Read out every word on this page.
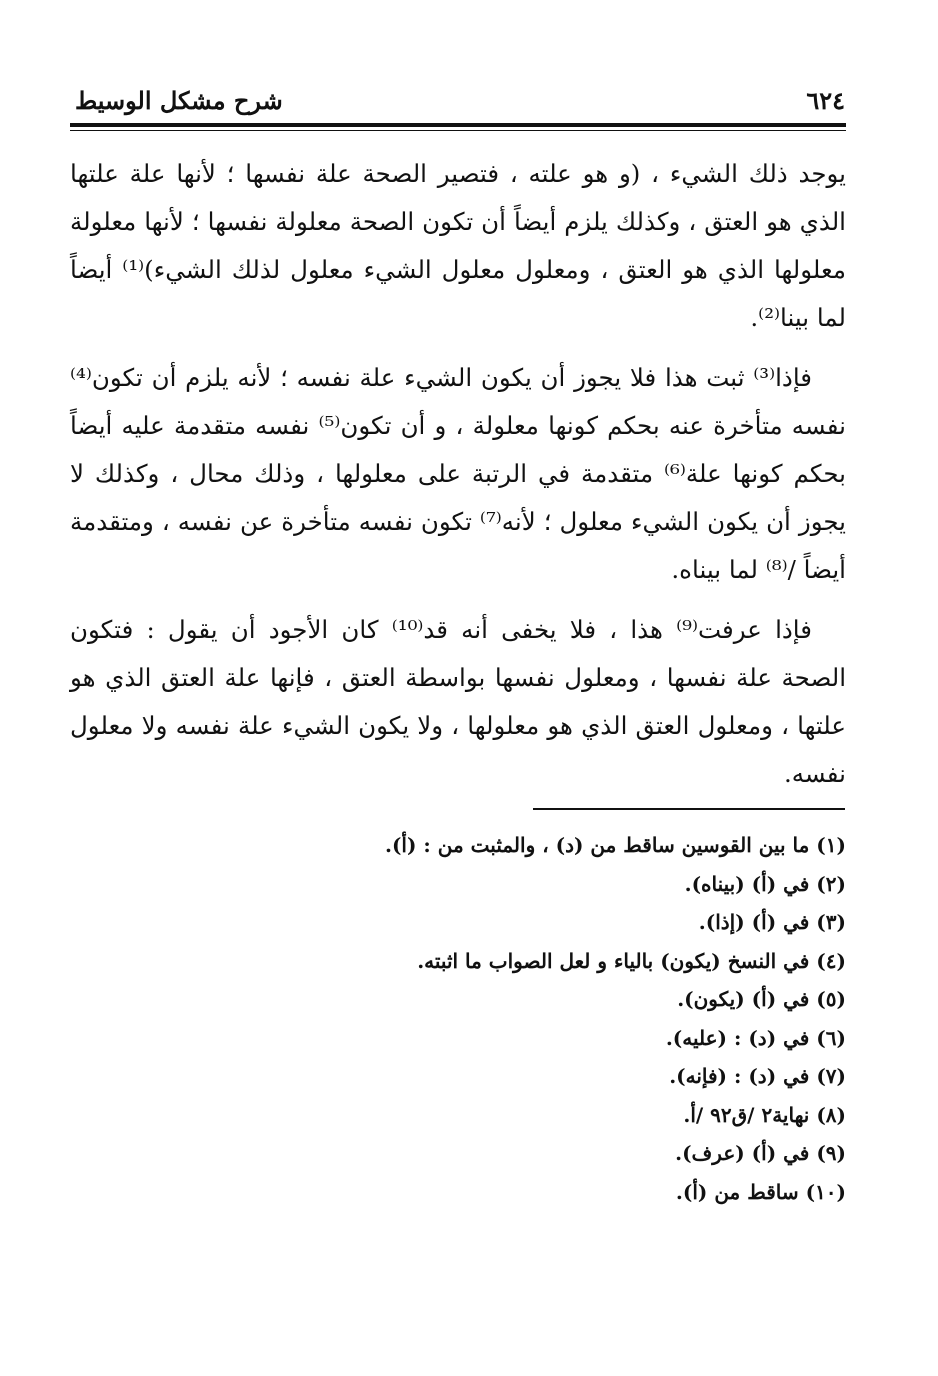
٦٢٤
شرح مشكل الوسيط

يوجد ذلك الشيء ، (و هو علته ، فتصير الصحة علة نفسها ؛ لأنها علة علتها الذي هو العتق ، وكذلك يلزم أيضاً أن تكون الصحة معلولة نفسها ؛ لأنها معلولة معلولها الذي هو العتق ، ومعلول معلول الشيء معلول لذلك الشيء)⁽¹⁾ أيضاً لما بينا⁽²⁾.

فإذا⁽³⁾ ثبت هذا فلا يجوز أن يكون الشيء علة نفسه ؛ لأنه يلزم أن تكون⁽⁴⁾ نفسه متأخرة عنه بحكم كونها معلولة ، و أن تكون⁽⁵⁾ نفسه متقدمة عليه أيضاً بحكم كونها علة⁽⁶⁾ متقدمة في الرتبة على معلولها ، وذلك محال ، وكذلك لا يجوز أن يكون الشيء معلول ؛ لأنه⁽⁷⁾ تكون نفسه متأخرة عن نفسه ، ومتقدمة أيضاً /⁽⁸⁾ لما بيناه.

فإذا عرفت⁽⁹⁾ هذا ، فلا يخفى أنه قد⁽¹⁰⁾ كان الأجود أن يقول : فتكون الصحة علة نفسها ، ومعلول نفسها بواسطة العتق ، فإنها علة العتق الذي هو علتها ، ومعلول العتق الذي هو معلولها ، ولا يكون الشيء علة نفسه ولا معلول نفسه.

(١) ما بين القوسين ساقط من (د) ، والمثبت من : (أ).
(٢) في (أ) (بيناه).
(٣) في (أ) (إذا).
(٤) في النسخ (يكون) بالياء و لعل الصواب ما اثبته.
(٥) في (أ) (يكون).
(٦) في (د) : (عليه).
(٧) في (د) : (فإنه).
(٨) نهاية٢ /ق٩٢ /أ.
(٩) في (أ) (عرف).
(١٠) ساقط من (أ).
